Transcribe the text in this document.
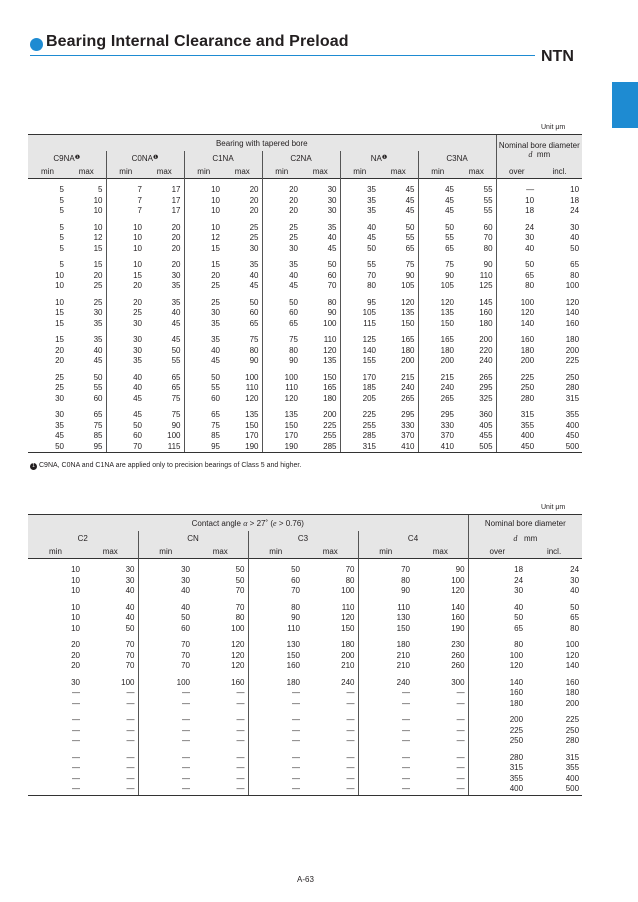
Bearing Internal Clearance and Preload
NTN
Unit μm
Bearing with tapered bore												Nominal bore diameter
d mm	
$C9NA^❶$		$C0NA^❶$		C1NA		C2NA		$NA^❶$		C3NA			
min	max	min	max	min	max	min	max	min	max	min	max	over	incl.

5	5	7	17	10	20	20	30	35	45	45	55	—	10
5	10	7	17	10	20	20	30	35	45	45	55	10	18
5	10	7	17	10	20	20	30	35	45	45	55	18	24

5	10	10	20	10	25	25	35	40	50	50	60	24	30
5	12	10	20	12	25	25	40	45	55	55	70	30	40
5	15	10	20	15	30	30	45	50	65	65	80	40	50

5	15	10	20	15	35	35	50	55	75	75	90	50	65
10	20	15	30	20	40	40	60	70	90	90	110	65	80
10	25	20	35	25	45	45	70	80	105	105	125	80	100

10	25	20	35	25	50	50	80	95	120	120	145	100	120
15	30	25	40	30	60	60	90	105	135	135	160	120	140
15	35	30	45	35	65	65	100	115	150	150	180	140	160

15	35	30	45	35	75	75	110	125	165	165	200	160	180
20	40	30	50	40	80	80	120	140	180	180	220	180	200
20	45	35	55	45	90	90	135	155	200	200	240	200	225

25	50	40	65	50	100	100	150	170	215	215	265	225	250
25	55	40	65	55	110	110	165	185	240	240	295	250	280
30	60	45	75	60	120	120	180	205	265	265	325	280	315

30	65	45	75	65	135	135	200	225	295	295	360	315	355
35	75	50	90	75	150	150	225	255	330	330	405	355	400
45	85	60	100	85	170	170	255	285	370	370	455	400	450
50	95	70	115	95	190	190	285	315	410	410	505	450	500
1 C9NA, C0NA and C1NA are applied only to precision bearings of Class 5 and higher.
Unit μm
Contact angle α > 27˚ (e > 0.76)								Nominal bore diameter	
C2		CN		C3		C4		d mm	
min	max	min	max	min	max	min	max	over	incl.

10	30	30	50	50	70	70	90	18	24
10	30	30	50	60	80	80	100	24	30
10	40	40	70	70	100	90	120	30	40

10	40	40	70	80	110	110	140	40	50
10	40	50	80	90	120	130	160	50	65
10	50	60	100	110	150	150	190	65	80

20	70	70	120	130	180	180	230	80	100
20	70	70	120	150	200	210	260	100	120
20	70	70	120	160	210	210	260	120	140

30	100	100	160	180	240	240	300	140	160
—	—	—	—	—	—	—	—	160	180
—	—	—	—	—	—	—	—	180	200

—	—	—	—	—	—	—	—	200	225
—	—	—	—	—	—	—	—	225	250
—	—	—	—	—	—	—	—	250	280

—	—	—	—	—	—	—	—	280	315
—	—	—	—	—	—	—	—	315	355
—	—	—	—	—	—	—	—	355	400
—	—	—	—	—	—	—	—	400	500
A-63
